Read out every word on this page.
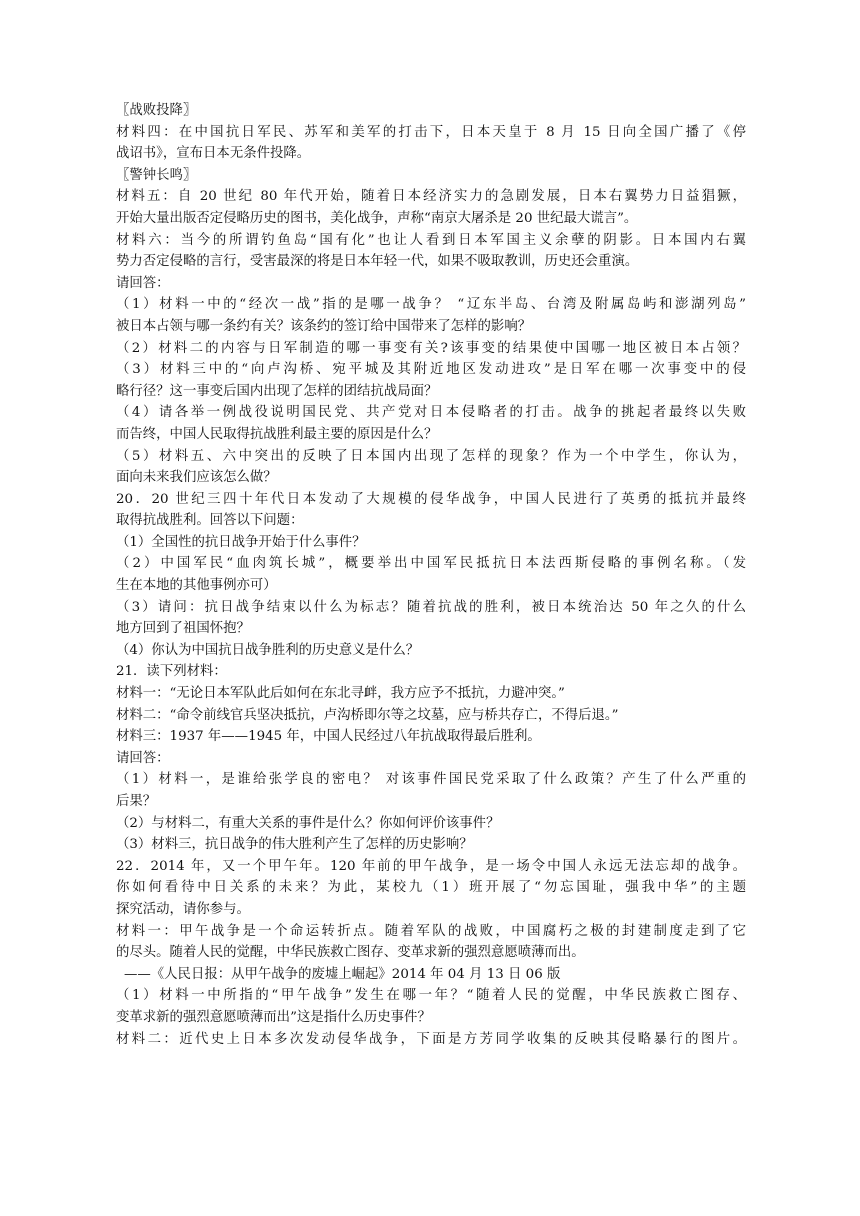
〖战败投降〗
材料四：在中国抗日军民、苏军和美军的打击下，日本天皇于 8 月 15 日向全国广播了《停
战诏书》，宣布日本无条件投降。
〖警钟长鸣〗
材料五：自 20 世纪 80 年代开始，随着日本经济实力的急剧发展，日本右翼势力日益猖獗，
开始大量出版否定侵略历史的图书，美化战争，声称“南京大屠杀是 20 世纪最大谎言”。
材料六：当今的所谓钓鱼岛“国有化”也让人看到日本军国主义余孽的阴影。日本国内右翼
势力否定侵略的言行，受害最深的将是日本年轻一代，如果不吸取教训，历史还会重演。
请回答：
（1）材料一中的“经次一战”指的是哪一战争？ “辽东半岛、台湾及附属岛屿和澎湖列岛”
被日本占领与哪一条约有关？该条约的签订给中国带来了怎样的影响？
（2）材料二的内容与日军制造的哪一事变有关?该事变的结果使中国哪一地区被日本占领？
（3）材料三中的“向卢沟桥、宛平城及其附近地区发动进攻”是日军在哪一次事变中的侵
略行径？这一事变后国内出现了怎样的团结抗战局面？
（4）请各举一例战役说明国民党、共产党对日本侵略者的打击。战争的挑起者最终以失败
而告终，中国人民取得抗战胜利最主要的原因是什么？
（5）材料五、六中突出的反映了日本国内出现了怎样的现象？作为一个中学生，你认为，
面向未来我们应该怎么做？
20．20 世纪三四十年代日本发动了大规模的侵华战争，中国人民进行了英勇的抵抗并最终
取得抗战胜利。回答以下问题：
（1）全国性的抗日战争开始于什么事件？
（2）中国军民“血肉筑长城”，概要举出中国军民抵抗日本法西斯侵略的事例名称。（发
生在本地的其他事例亦可）
（3）请问：抗日战争结束以什么为标志？随着抗战的胜利，被日本统治达 50 年之久的什么
地方回到了祖国怀抱？
（4）你认为中国抗日战争胜利的历史意义是什么？
21．读下列材料：
材料一：“无论日本军队此后如何在东北寻衅，我方应予不抵抗，力避冲突。”
材料二：“命令前线官兵坚决抵抗，卢沟桥即尔等之坟墓，应与桥共存亡，不得后退。”
材料三：1937 年——1945 年，中国人民经过八年抗战取得最后胜利。
请回答：
（1）材料一，是谁给张学良的密电？ 对该事件国民党采取了什么政策？产生了什么严重的
后果？
（2）与材料二，有重大关系的事件是什么？你如何评价该事件？
（3）材料三，抗日战争的伟大胜利产生了怎样的历史影响？
22．2014 年，又一个甲午年。120 年前的甲午战争，是一场令中国人永远无法忘却的战争。
你如何看待中日关系的未来？为此，某校九（1）班开展了“勿忘国耻，强我中华”的主题
探究活动，请你参与。
材料一：甲午战争是一个命运转折点。随着军队的战败，中国腐朽之极的封建制度走到了它
的尽头。随着人民的觉醒，中华民族救亡图存、变革求新的强烈意愿喷薄而出。
——《人民日报：从甲午战争的废墟上崛起》2014 年 04 月 13 日 06 版
（1）材料一中所指的“甲午战争”发生在哪一年？“随着人民的觉醒，中华民族救亡图存、
变革求新的强烈意愿喷薄而出”这是指什么历史事件？
材料二：近代史上日本多次发动侵华战争，下面是方芳同学收集的反映其侵略暴行的图片。
